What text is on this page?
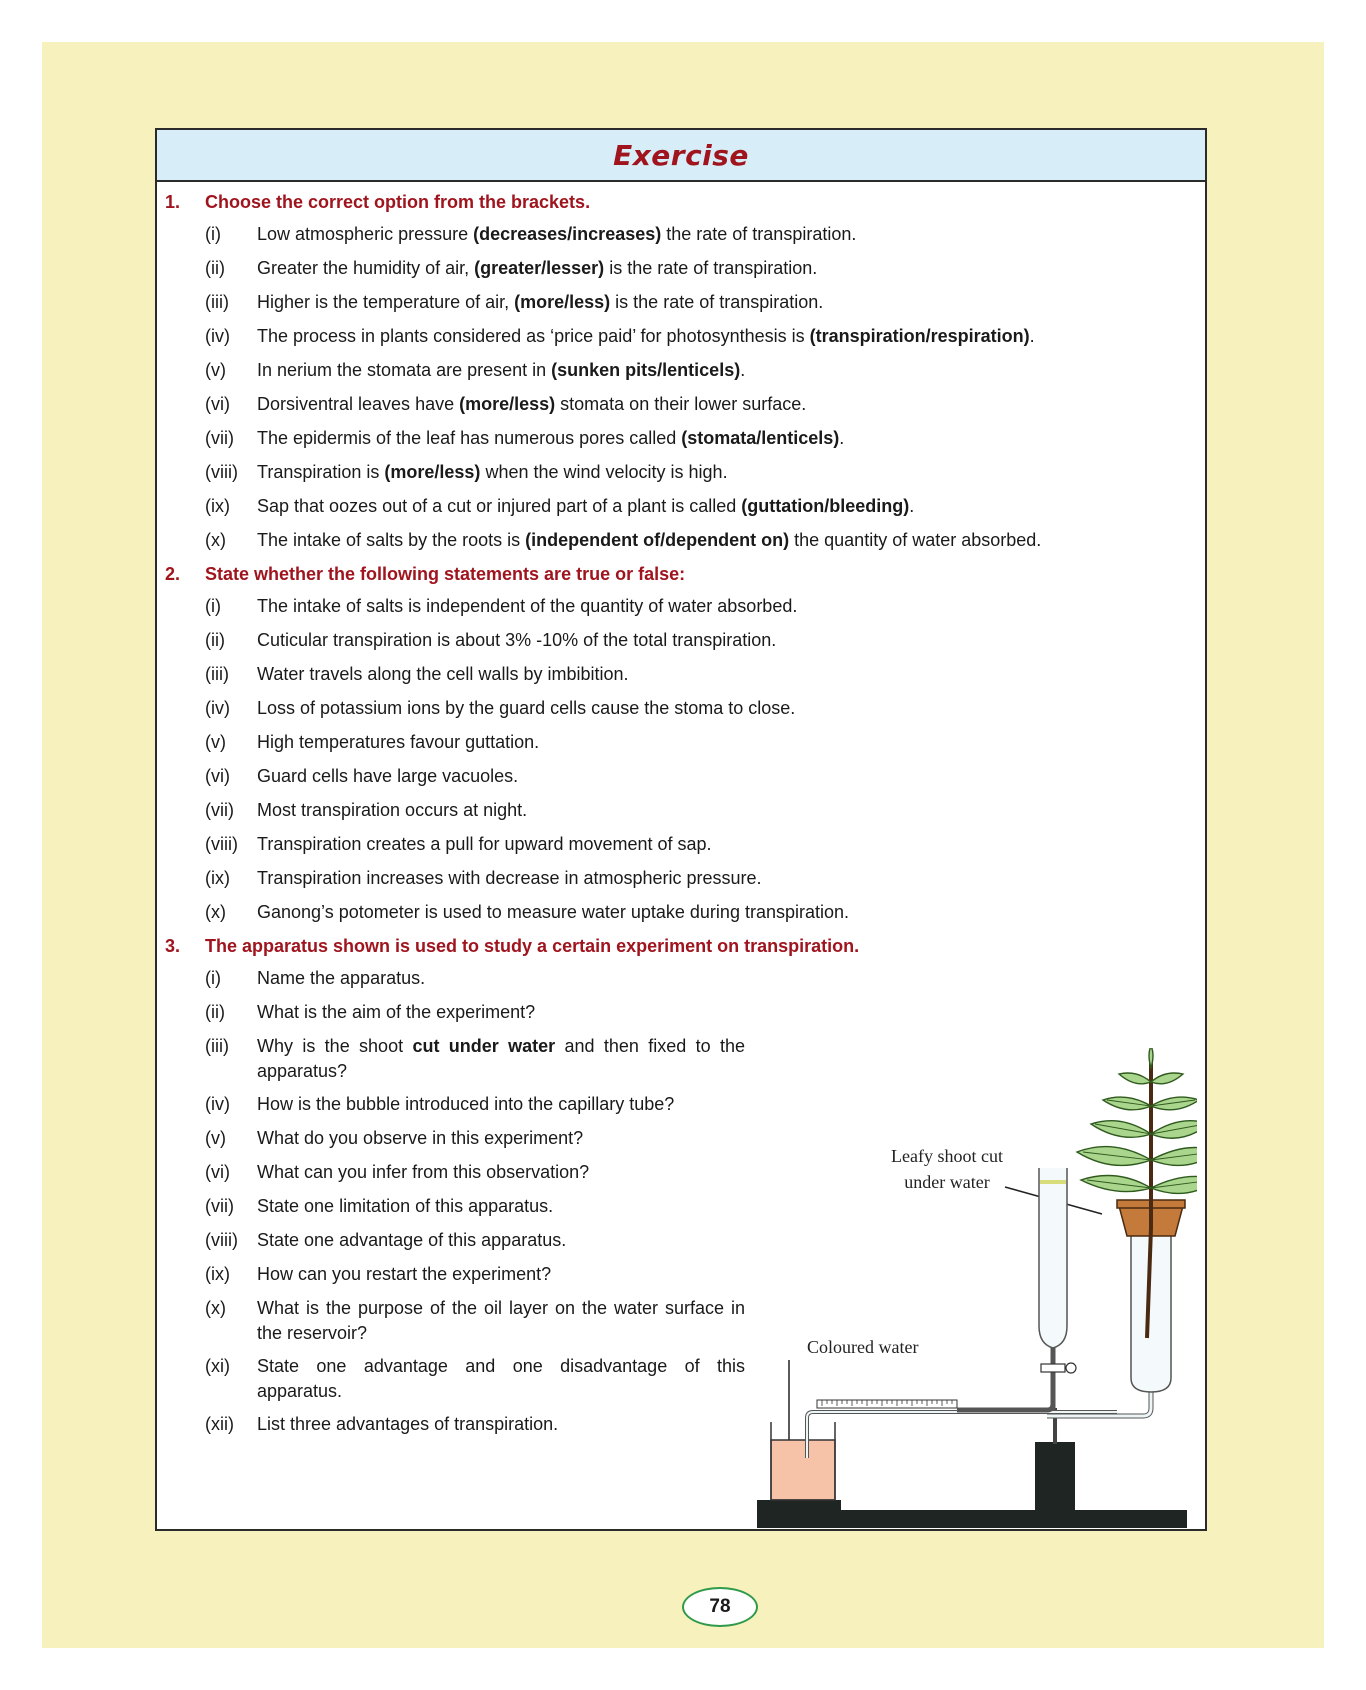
Exercise
1.	Choose the correct option from the brackets.
(i)	Low atmospheric pressure (decreases/increases) the rate of transpiration.
(ii)	Greater the humidity of air, (greater/lesser) is the rate of transpiration.
(iii)	Higher is the temperature of air, (more/less) is the rate of transpiration.
(iv)	The process in plants considered as ‘price paid’ for photosynthesis is (transpiration/respiration).
(v)	In nerium the stomata are present in (sunken pits/lenticels).
(vi)	Dorsiventral leaves have (more/less) stomata on their lower surface.
(vii)	The epidermis of the leaf has numerous pores called (stomata/lenticels).
(viii)	Transpiration is (more/less) when the wind velocity is high.
(ix)	Sap that oozes out of a cut or injured part of a plant is called (guttation/bleeding).
(x)	The intake of salts by the roots is (independent of/dependent on) the quantity of water absorbed.
2.	State whether the following statements are true or false:
(i)	The intake of salts is independent of the quantity of water absorbed.
(ii)	Cuticular transpiration is about 3% -10% of the total transpiration.
(iii)	Water travels along the cell walls by imbibition.
(iv)	Loss of potassium ions by the guard cells cause the stoma to close.
(v)	High temperatures favour guttation.
(vi)	Guard cells have large vacuoles.
(vii)	Most transpiration occurs at night.
(viii)	Transpiration creates a pull for upward movement of sap.
(ix)	Transpiration increases with decrease in atmospheric pressure.
(x)	Ganong’s potometer is used to measure water uptake during transpiration.
3.	The apparatus shown is used to study a certain experiment on transpiration.
(i)	Name the apparatus.
(ii)	What is the aim of the experiment?
(iii)	Why is the shoot cut under water and then fixed to the apparatus?
(iv)	How is the bubble introduced into the capillary tube?
(v)	What do you observe in this experiment?
(vi)	What can you infer from this observation?
(vii)	State one limitation of this apparatus.
(viii)	State one advantage of this apparatus.
(ix)	How can you restart the experiment?
(x)	What is the purpose of the oil layer on the water surface in the reservoir?
(xi)	State one advantage and one disadvantage of this apparatus.
(xii)	List three advantages of transpiration.
Leafy shoot cut
under water
Coloured water
78
